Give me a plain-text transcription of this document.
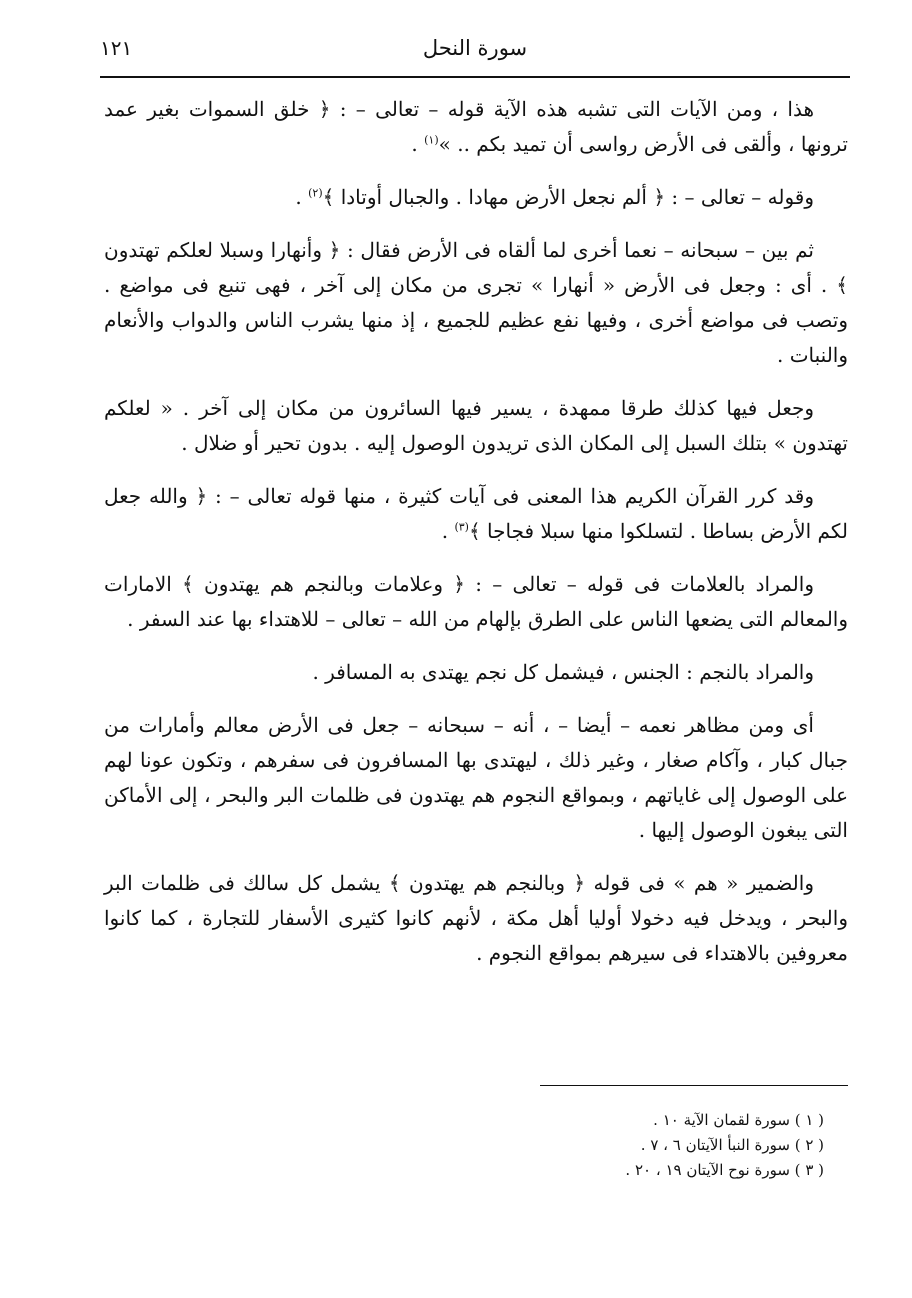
سورة النحل
١٢١

هذا ، ومن الآيات التى تشبه هذه الآية قوله – تعالى – : ﴿ خلق السموات بغير عمد ترونها ، وألقى فى الأرض رواسى أن تميد بكم .. »$^{(١)}$ .

وقوله – تعالى – : ﴿ ألم نجعل الأرض مهادا . والجبال أوتادا ﴾$^{(٢)}$ .

ثم بين – سبحانه – نعما أخرى لما ألقاه فى الأرض فقال : ﴿ وأنهارا وسبلا لعلكم تهتدون ﴾ . أى : وجعل فى الأرض « أنهارا » تجرى من مكان إلى آخر ، فهى تنبع فى مواضع . وتصب فى مواضع أخرى ، وفيها نفع عظيم للجميع ، إذ منها يشرب الناس والدواب والأنعام والنبات .

وجعل فيها كذلك طرقا ممهدة ، يسير فيها السائرون من مكان إلى آخر . « لعلكم تهتدون » بتلك السبل إلى المكان الذى تريدون الوصول إليه . بدون تحير أو ضلال .

وقد كرر القرآن الكريم هذا المعنى فى آيات كثيرة ، منها قوله تعالى – : ﴿ والله جعل لكم الأرض بساطا . لتسلكوا منها سبلا فجاجا ﴾$^{(٣)}$ .

والمراد بالعلامات فى قوله – تعالى – : ﴿ وعلامات وبالنجم هم يهتدون ﴾ الامارات والمعالم التى يضعها الناس على الطرق بإلهام من الله – تعالى – للاهتداء بها عند السفر .

والمراد بالنجم : الجنس ، فيشمل كل نجم يهتدى به المسافر .

أى ومن مظاهر نعمه – أيضا – ، أنه – سبحانه – جعل فى الأرض معالم وأمارات من جبال كبار ، وآكام صغار ، وغير ذلك ، ليهتدى بها المسافرون فى سفرهم ، وتكون عونا لهم على الوصول إلى غاياتهم ، وبمواقع النجوم هم يهتدون فى ظلمات البر والبحر ، إلى الأماكن التى يبغون الوصول إليها .

والضمير « هم » فى قوله ﴿ وبالنجم هم يهتدون ﴾ يشمل كل سالك فى ظلمات البر والبحر ، ويدخل فيه دخولا أوليا أهل مكة ، لأنهم كانوا كثيرى الأسفار للتجارة ، كما كانوا معروفين بالاهتداء فى سيرهم بمواقع النجوم .

( ١ ) سورة لقمان الآية ١٠ .

( ٢ ) سورة النبأ الآيتان ٦ ، ٧ .

( ٣ ) سورة نوح الآيتان ١٩ ، ٢٠ .
